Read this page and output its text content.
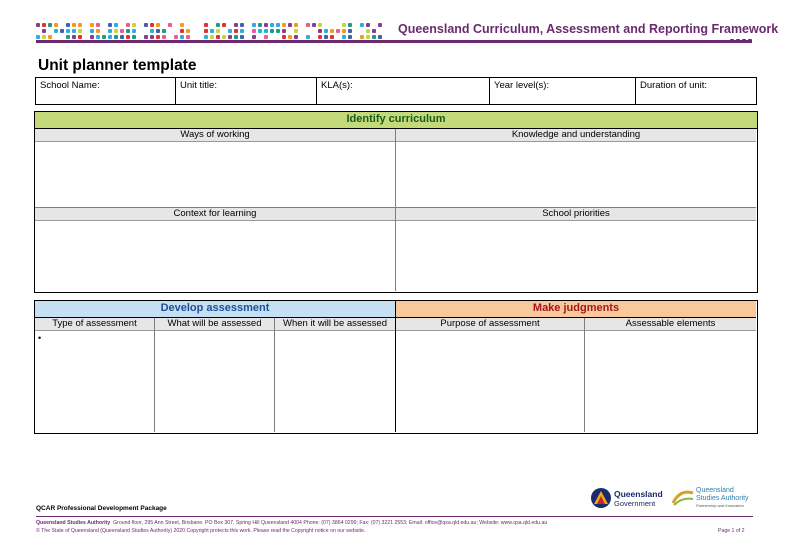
Queensland Curriculum, Assessment and Reporting Framework
Unit planner template
School Name:	Unit title:	KLA(s):	Year level(s):	Duration of unit:
Identify curriculum
Ways of working	Knowledge and understanding
Context for learning	School priorities
Develop assessment	Make judgments
Type of assessment	What will be assessed	When it will be assessed	Purpose of assessment	Assessable elements
•
QCAR Professional Development Package
Queensland
Government
Queensland
Studies Authority
Partnership and Innovation
Queensland Studies Authority Ground floor, 295 Ann Street, Brisbane. PO Box 307, Spring Hill Queensland 4004 Phone: (07) 3864 0299; Fax: (07) 3221 2553; Email: office@qsa.qld.edu.au; Website: www.qsa.qld.edu.au
© The State of Queensland (Queensland Studies Authority) 2020 Copyright protects this work. Please read the Copyright notice on our website.	Page 1 of 2
